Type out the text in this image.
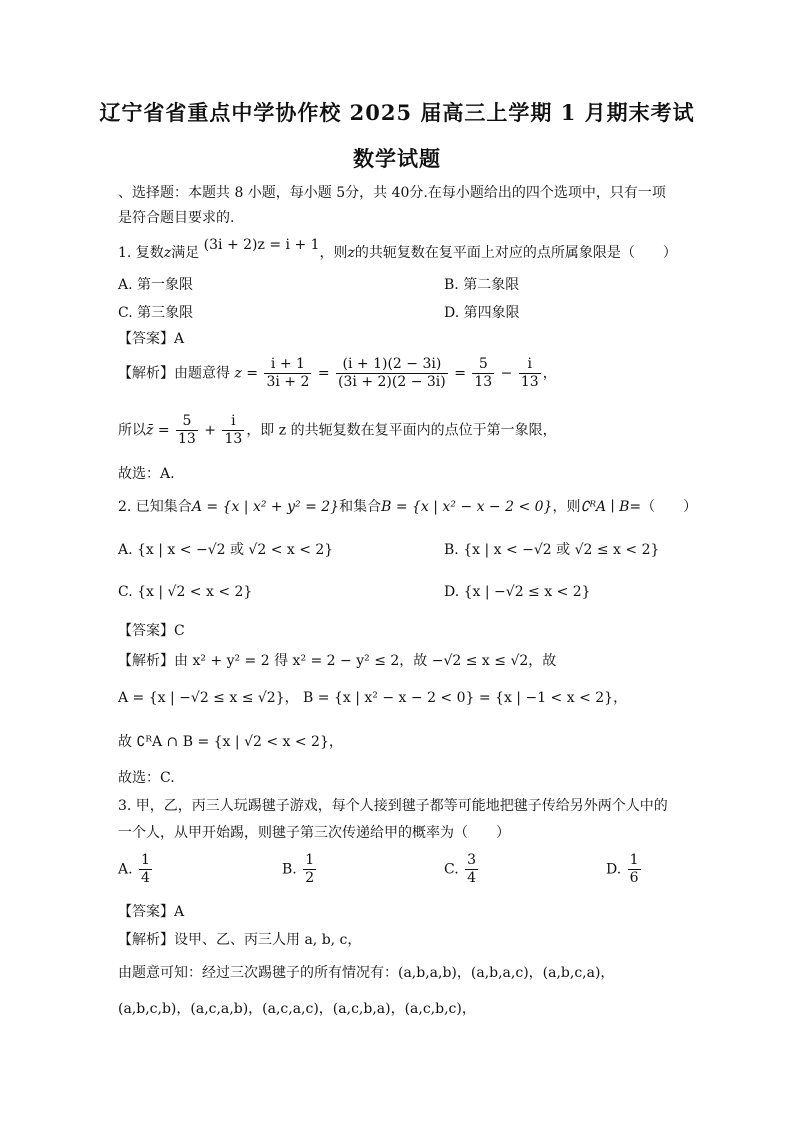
辽宁省省重点中学协作校 2025 届高三上学期 1 月期末考试
数学试题
、选择题：本题共 8 小题，每小题 5分，共 40分.在每小题给出的四个选项中，只有一项
是符合题目要求的.
1. 复数z满足 (3i + 2)z = i + 1，则z的共轭复数在复平面上对应的点所属象限是（　　）
A. 第一象限	B. 第二象限
C. 第三象限	D. 第四象限
【答案】A
【解析】由题意得 $z = \frac{i + 1}{3i + 2} = \frac{(i + 1)(2 - 3i)}{(3i + 2)(2 - 3i)} = \frac{5}{13} - \frac{i}{13}$ ，
所以z̄ = $\frac{5}{13} + \frac{i}{13}$ ，即 z 的共轭复数在复平面内的点位于第一象限，
故选：A.
2. 已知集合A = {x | x² + y² = 2}和集合B = {x | x² − x − 2 < 0}，则∁ᴿA ∣ B=（　　）
A. {x | x < −√2 或 √2 < x < 2}	B. {x | x < −√2 或 √2 ≤ x < 2}
C. {x | √2 < x < 2}	D. {x | −√2 ≤ x < 2}
【答案】C
【解析】由 x² + y² = 2 得 x² = 2 − y² ≤ 2，故 −√2 ≤ x ≤ √2，故
A = {x | −√2 ≤ x ≤ √2}， B = {x | x² − x − 2 < 0} = {x | −1 < x < 2}，
故 ∁ᴿA ∩ B = {x | √2 < x < 2}，
故选：C.
3. 甲，乙，丙三人玩踢毽子游戏，每个人接到毽子都等可能地把毽子传给另外两个人中的
一个人，从甲开始踢，则毽子第三次传递给甲的概率为（　　）
A. $\frac{1}{4}$	B. $\frac{1}{2}$	C. $\frac{3}{4}$	D. $\frac{1}{6}$
【答案】A
【解析】设甲、乙、丙三人用 a, b, c，
由题意可知：经过三次踢毽子的所有情况有：(a,b,a,b)，(a,b,a,c)，(a,b,c,a)，
(a,b,c,b)，(a,c,a,b)，(a,c,a,c)，(a,c,b,a)，(a,c,b,c)，
